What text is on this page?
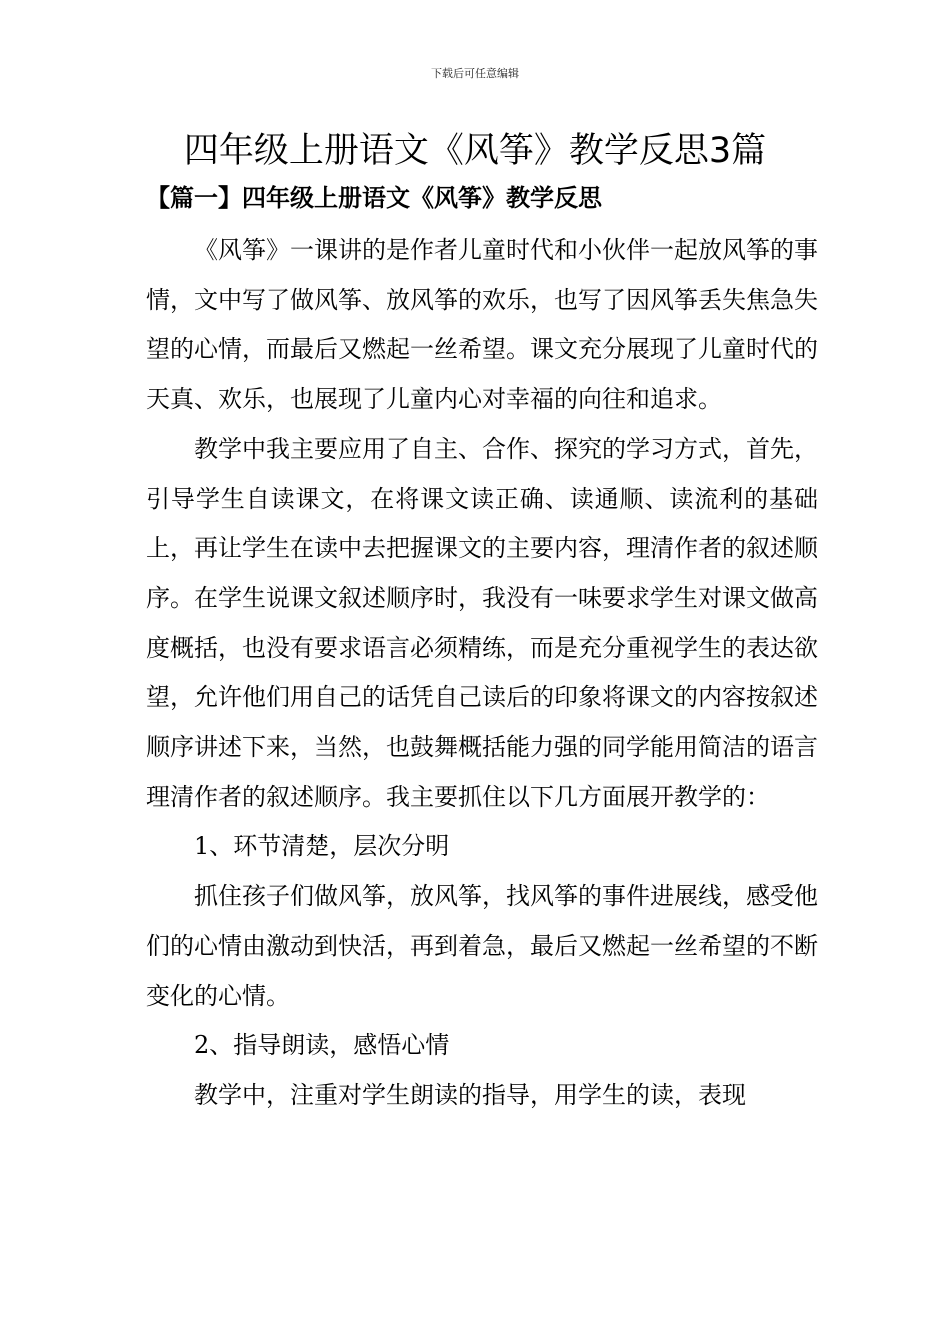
下载后可任意编辑
四年级上册语文《风筝》教学反思3篇
【篇一】四年级上册语文《风筝》教学反思

《风筝》一课讲的是作者儿童时代和小伙伴一起放风筝的事情，文中写了做风筝、放风筝的欢乐，也写了因风筝丢失焦急失望的心情，而最后又燃起一丝希望。课文充分展现了儿童时代的天真、欢乐，也展现了儿童内心对幸福的向往和追求。

教学中我主要应用了自主、合作、探究的学习方式，首先，引导学生自读课文，在将课文读正确、读通顺、读流利的基础上，再让学生在读中去把握课文的主要内容，理清作者的叙述顺序。在学生说课文叙述顺序时，我没有一味要求学生对课文做高度概括，也没有要求语言必须精练，而是充分重视学生的表达欲望，允许他们用自己的话凭自己读后的印象将课文的内容按叙述顺序讲述下来，当然，也鼓舞概括能力强的同学能用简洁的语言理清作者的叙述顺序。我主要抓住以下几方面展开教学的：

1、环节清楚，层次分明

抓住孩子们做风筝，放风筝，找风筝的事件进展线，感受他们的心情由激动到快活，再到着急，最后又燃起一丝希望的不断变化的心情。

2、指导朗读，感悟心情

教学中，注重对学生朗读的指导，用学生的读，表现
